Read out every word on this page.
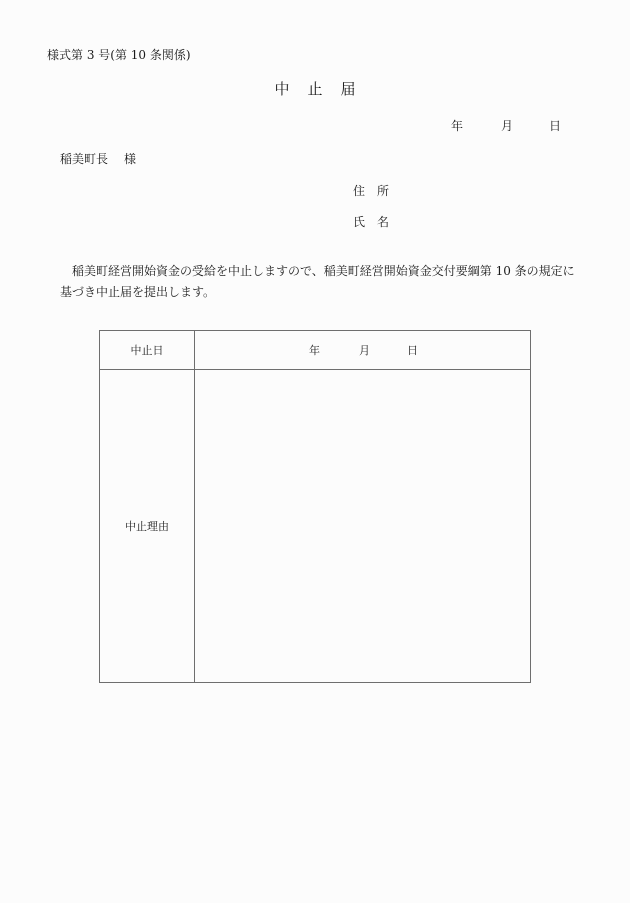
様式第 3 号(第 10 条関係)
中 止 届
年	月	日
稲美町長 様
住 所
氏 名

稲美町経営開始資金の受給を中止しますので、稲美町経営開始資金交付要綱第 10 条の規定に

基づき中止届を提出します。

中止日	年 月 日

中止理由	
